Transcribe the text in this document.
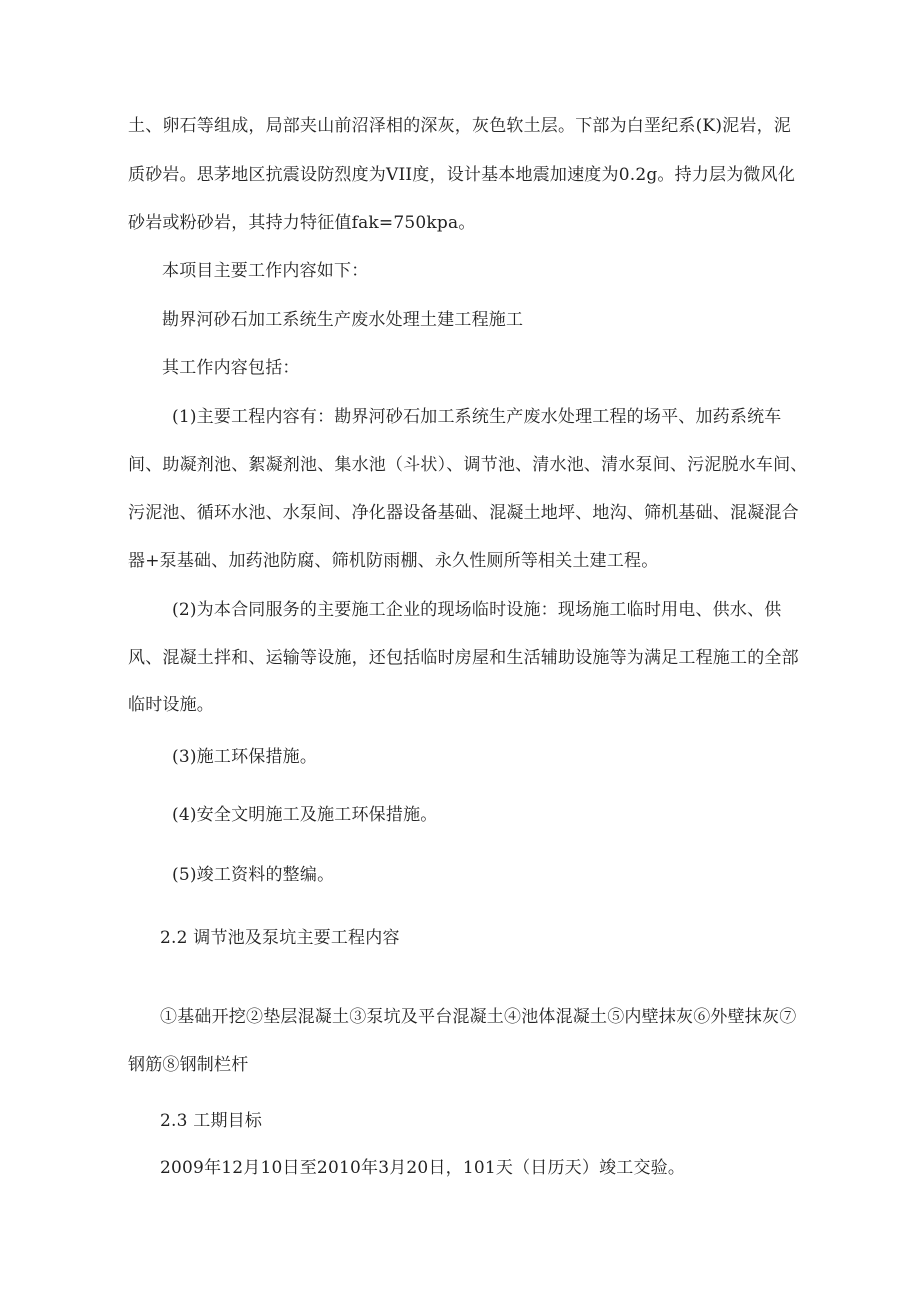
土、卵石等组成，局部夹山前沼泽相的深灰，灰色软土层。下部为白垩纪系(K)泥岩，泥
质砂岩。思茅地区抗震设防烈度为VII度，设计基本地震加速度为0.2g。持力层为微风化
砂岩或粉砂岩，其持力特征值fak=750kpa。
本项目主要工作内容如下：
勘界河砂石加工系统生产废水处理土建工程施工
其工作内容包括：
(1)主要工程内容有：勘界河砂石加工系统生产废水处理工程的场平、加药系统车
间、助凝剂池、絮凝剂池、集水池（斗状）、调节池、清水池、清水泵间、污泥脱水车间、
污泥池、循环水池、水泵间、净化器设备基础、混凝土地坪、地沟、筛机基础、混凝混合
器+泵基础、加药池防腐、筛机防雨棚、永久性厕所等相关土建工程。
(2)为本合同服务的主要施工企业的现场临时设施：现场施工临时用电、供水、供
风、混凝土拌和、运输等设施，还包括临时房屋和生活辅助设施等为满足工程施工的全部
临时设施。
(3)施工环保措施。
(4)安全文明施工及施工环保措施。
(5)竣工资料的整编。
2.2 调节池及泵坑主要工程内容
①基础开挖②垫层混凝土③泵坑及平台混凝土④池体混凝土⑤内壁抹灰⑥外壁抹灰⑦
钢筋⑧钢制栏杆
2.3 工期目标
2009年12月10日至2010年3月20日，101天（日历天）竣工交验。
